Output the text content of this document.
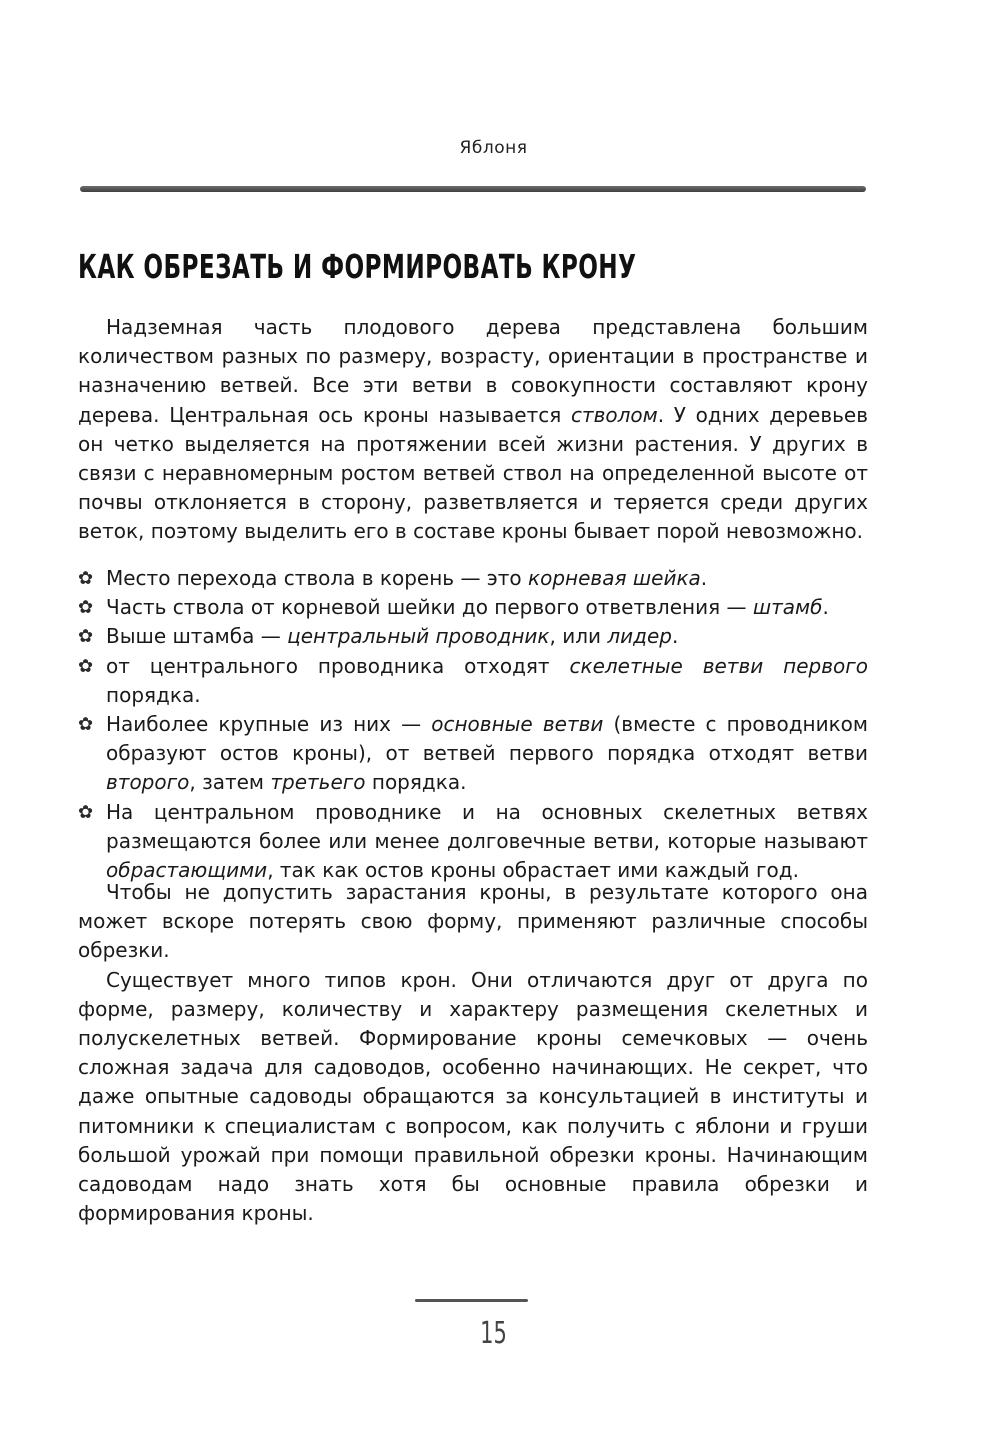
Яблоня
КАК ОБРЕЗАТЬ И ФОРМИРОВАТЬ КРОНУ

Надземная часть плодового дерева представлена большим количеством разных по размеру, возрасту, ориентации в пространстве и назначению ветвей. Все эти ветви в совокупности составляют крону дерева. Центральная ось кроны называется стволом. У одних деревьев он четко выделяется на протяжении всей жизни растения. У других в связи с неравномерным ростом ветвей ствол на определенной высоте от почвы отклоняется в сторону, разветвляется и теряется среди других веток, поэтому выделить его в составе кроны бывает порой невозможно.

✿ Место перехода ствола в корень — это корневая шейка.
✿ Часть ствола от корневой шейки до первого ответвления — штамб.
✿ Выше штамба — центральный проводник, или лидер.
✿ от центрального проводника отходят скелетные ветви первого порядка.
✿ Наиболее крупные из них — основные ветви (вместе с проводником образуют остов кроны), от ветвей первого порядка отходят ветви второго, затем третьего порядка.
✿ На центральном проводнике и на основных скелетных ветвях размещаются более или менее долговечные ветви, которые называют обрастающими, так как остов кроны обрастает ими каждый год.

Чтобы не допустить зарастания кроны, в результате которого она может вскоре потерять свою форму, применяют различные способы обрезки.

Существует много типов крон. Они отличаются друг от друга по форме, размеру, количеству и характеру размещения скелетных и полускелетных ветвей. Формирование кроны семечковых — очень сложная задача для садоводов, особенно начинающих. Не секрет, что даже опытные садоводы обращаются за консультацией в институты и питомники к специалистам с вопросом, как получить с яблони и груши большой урожай при помощи правильной обрезки кроны. Начинающим садоводам надо знать хотя бы основные правила обрезки и формирования кроны.

15
